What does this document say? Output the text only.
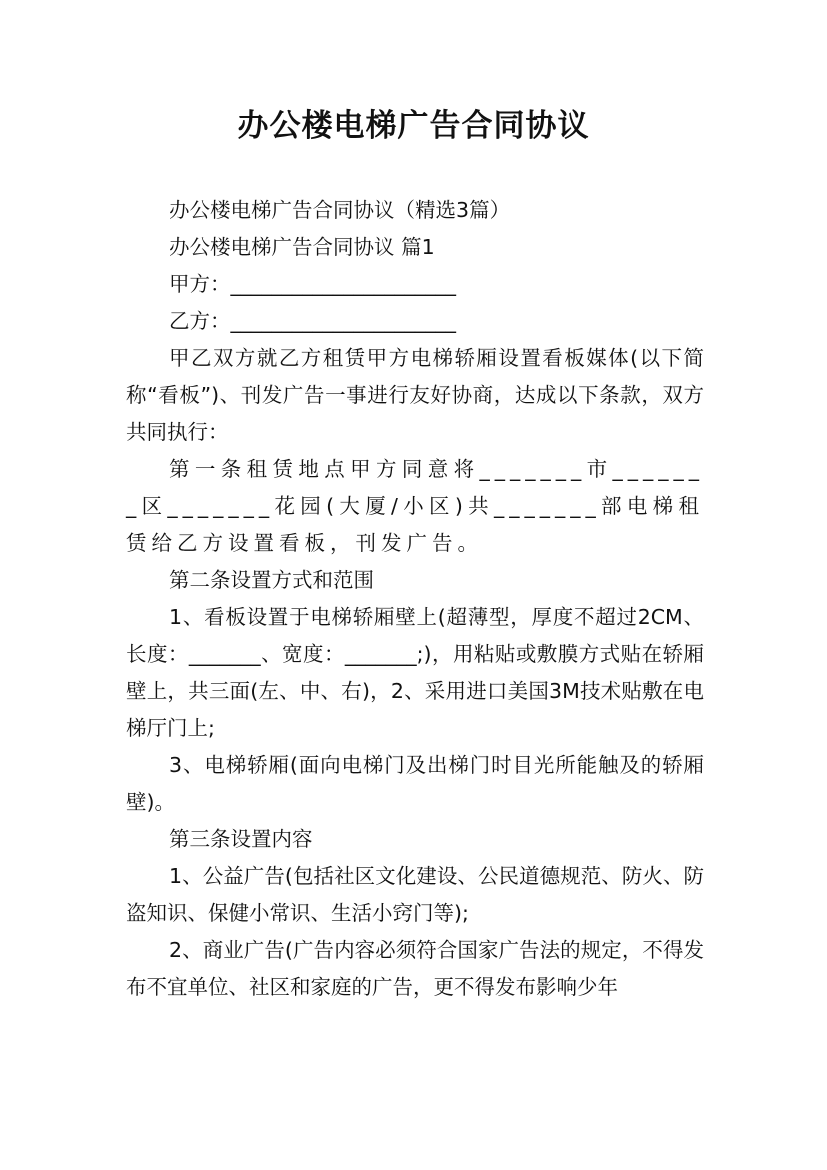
办公楼电梯广告合同协议

办公楼电梯广告合同协议（精选3篇）

办公楼电梯广告合同协议 篇1

甲方：______________________

乙方：______________________

甲乙双方就乙方租赁甲方电梯轿厢设置看板媒体(以下简称“看板”)、刊发广告一事进行友好协商，达成以下条款，双方共同执行：

第一条租赁地点甲方同意将_______市_______区_______花园(大厦/小区)共_______部电梯租赁给乙方设置看板，刊发广告。

第二条设置方式和范围

1、看板设置于电梯轿厢壁上(超薄型，厚度不超过2CM、长度：_______、宽度：_______;)，用粘贴或敷膜方式贴在轿厢壁上，共三面(左、中、右)，2、采用进口美国3M技术贴敷在电梯厅门上;

3、电梯轿厢(面向电梯门及出梯门时目光所能触及的轿厢壁)。

第三条设置内容

1、公益广告(包括社区文化建设、公民道德规范、防火、防盗知识、保健小常识、生活小窍门等);

2、商业广告(广告内容必须符合国家广告法的规定，不得发布不宜单位、社区和家庭的广告，更不得发布影响少年
